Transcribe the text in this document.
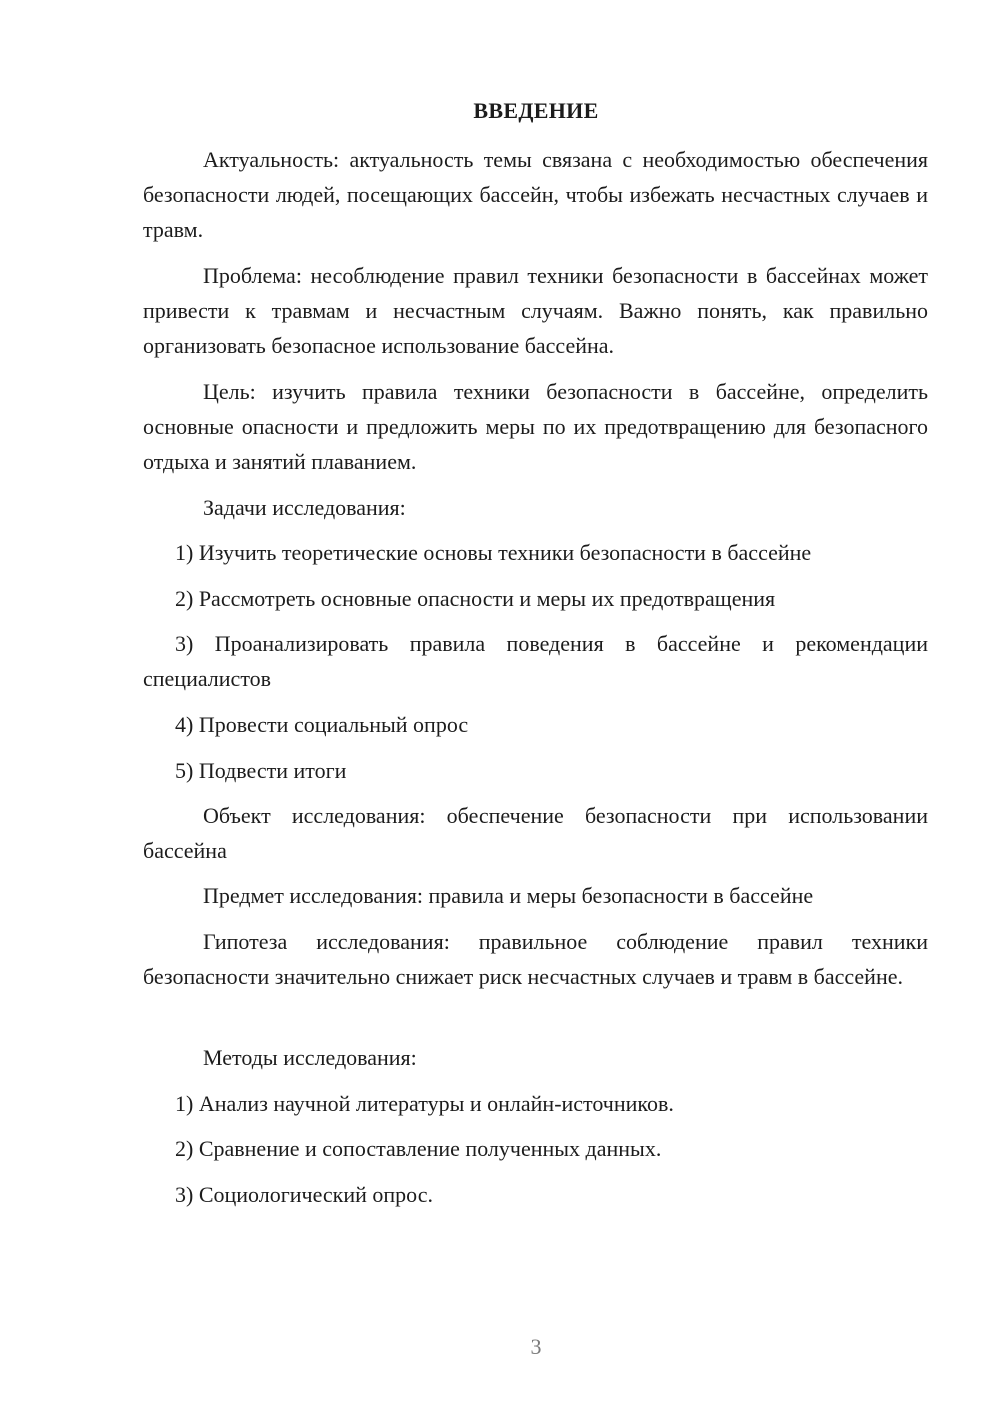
ВВЕДЕНИЕ

Актуальность: актуальность темы связана с необходимостью обеспечения безопасности людей, посещающих бассейн, чтобы избежать несчастных случаев и травм.

Проблема: несоблюдение правил техники безопасности в бассейнах может привести к травмам и несчастным случаям. Важно понять, как правильно организовать безопасное использование бассейна.

Цель: изучить правила техники безопасности в бассейне, определить основные опасности и предложить меры по их предотвращению для безопасного отдыха и занятий плаванием.

Задачи исследования:

1) Изучить теоретические основы техники безопасности в бассейне

2) Рассмотреть основные опасности и меры их предотвращения

3) Проанализировать правила поведения в бассейне и рекомендации специалистов

4) Провести социальный опрос

5) Подвести итоги

Объект исследования: обеспечение безопасности при использовании бассейна

Предмет исследования: правила и меры безопасности в бассейне

Гипотеза исследования: правильное соблюдение правил техники безопасности значительно снижает риск несчастных случаев и травм в бассейне.

Методы исследования:

1) Анализ научной литературы и онлайн-источников.

2) Сравнение и сопоставление полученных данных.

3) Социологический опрос.

3
